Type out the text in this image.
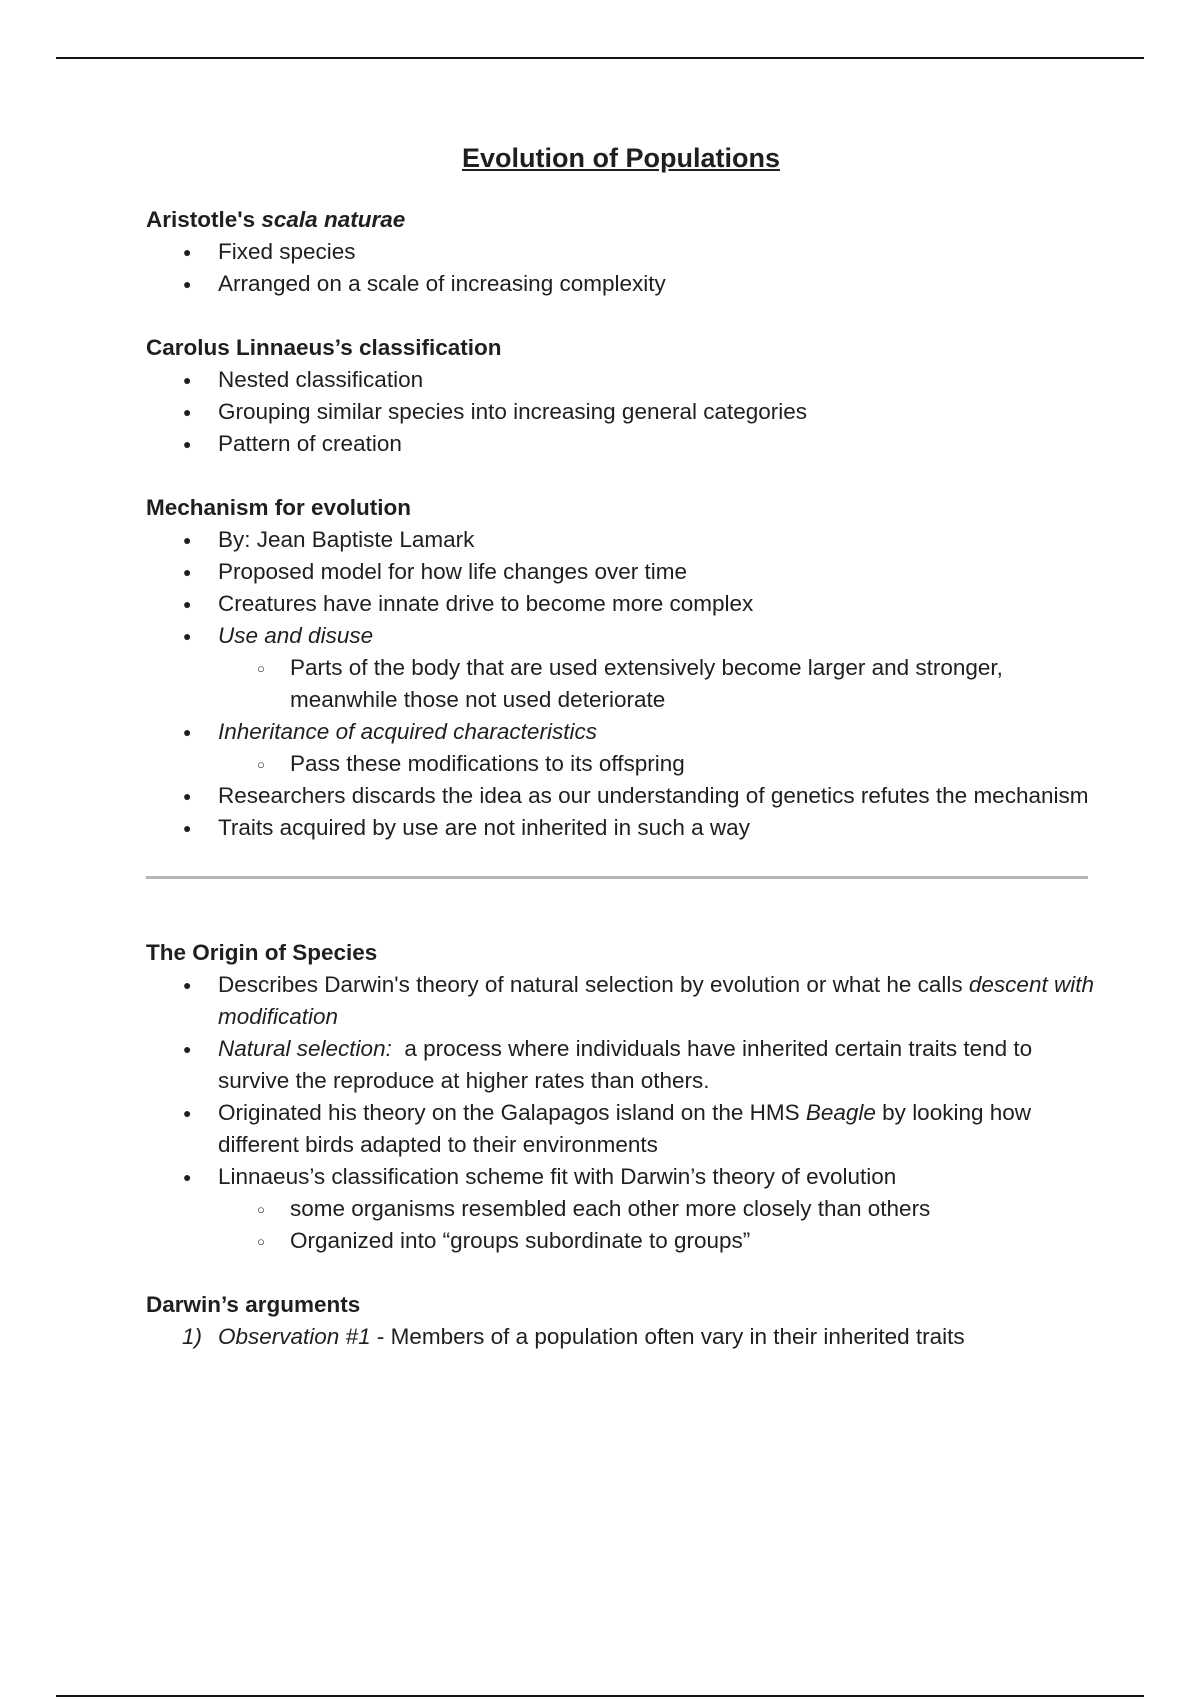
Evolution of Populations

Aristotle's scala naturae

● Fixed species
● Arranged on a scale of increasing complexity

Carolus Linnaeus’s classification

● Nested classification
● Grouping similar species into increasing general categories
● Pattern of creation

Mechanism for evolution

● By: Jean Baptiste Lamark
● Proposed model for how life changes over time
● Creatures have innate drive to become more complex
● Use and disuse
○ Parts of the body that are used extensively become larger and stronger, meanwhile those not used deteriorate
● Inheritance of acquired characteristics
○ Pass these modifications to its offspring
● Researchers discards the idea as our understanding of genetics refutes the mechanism
● Traits acquired by use are not inherited in such a way

The Origin of Species

● Describes Darwin's theory of natural selection by evolution or what he calls descent with modification
● Natural selection:  a process where individuals have inherited certain traits tend to survive the reproduce at higher rates than others.
● Originated his theory on the Galapagos island on the HMS Beagle by looking how different birds adapted to their environments
● Linnaeus’s classification scheme fit with Darwin’s theory of evolution
○ some organisms resembled each other more closely than others
○ Organized into “groups subordinate to groups”

Darwin’s arguments

1) Observation #1 - Members of a population often vary in their inherited traits
